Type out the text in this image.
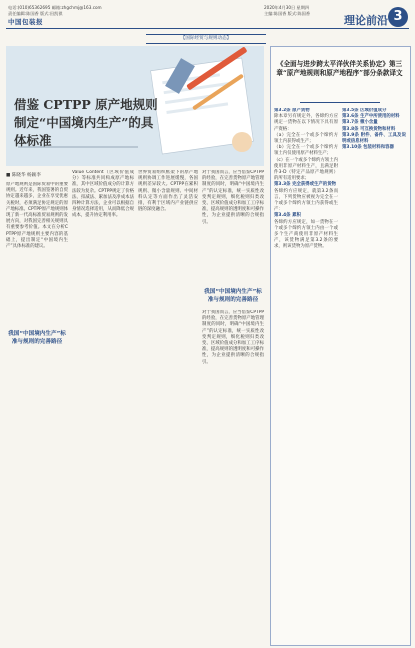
电话:(010)65362695 邮箱:zhgchmj@163.com
责任编辑:陈国香 版式:田凯祺
中国包装报
2020年4月30日 星期四
主编:陈国香 版式:陈国香
理论前沿 3
【国际经贸与规则动态】
借鉴 CPTPP 原产地规则
制定“中国境内生产”的具体标准
■ 陈晓华 杨颖李
原产地规则是国际贸易中的重要规则。近年来，我国签署的自贸协定越来越多，企业在享受优惠关税时，必须满足协定规定的原产地标准。CPTPP原产地规则体现了新一代高标准贸易规则的发展方向，对我国完善相关规则具有重要参考价值。本文在分析CPTPP原产地规则主要内容的基础上，提出制定“中国境内生产”具体标准的建议。
Value Content（区域价值成分）等标准共同构成原产地标准，其中区域价值成分的计算方法较为复杂。CPTPP规定了价格法、扣减法、累加法及净成本法四种计算方法，企业可以根据自身情况选择适用，从而降低合规成本，提升协定利用率。
世界贸易组织框架下的原产地规则协调工作进展缓慢，各国规则差异较大。CPTPP在累积规则、微小含量规则、中间材料认定等方面作出了灵活安排，有利于区域内产业链供应链的深度融合。
我国“中国境内生产”标准与规则的完善路径
对于我国而言，应当借鉴CPTPP的经验，在完善货物原产地管理制度的同时，明确“中国境内生产”的认定标准，统一实质性改变判定规则，细化税则归类改变、区域价值成分和加工工序标准，提高规则的透明度和可操作性，为企业提供清晰的合规指引。
对于我国而言，应当借鉴CPTPP的经验，在完善货物原产地管理制度的同时，明确“中国境内生产”的认定标准，统一实质性改变判定规则，细化税则归类改变、区域价值成分和加工工序标准，提高规则的透明度和可操作性，为企业提供清晰的合规指引。
我国“中国境内生产”标准与规则的完善路径
《全面与进步跨太平洋伙伴关系协定》第三章“原产地规则和原产地程序”部分条款译文
第3.2条 原产货物
除本章另有规定外，各缔约方应规定一货物在以下情况下具有原产资格：
（a）完全在一个或多个缔约方领土内获得或生产；
（b）完全在一个或多个缔约方领土内仅使用原产材料生产；
（c）在一个或多个缔约方领土内使用非原产材料生产，且满足附件3-D（特定产品原产地规则）的所有适用要求；
第3.3条 完全获得或生产的货物
各缔约方应规定，就第3.2条而言，下列货物应被视为完全在一个或多个缔约方领土内获得或生产：
第3.4条 累积
各缔约方应规定，如一货物在一个或多个缔约方领土内由一个或多个生产商使用非原产材料生产，该货物满足第3.2条的要求，则该货物为原产货物。
第3.5条 区域价值成分
第3.6条 生产中所使用的材料
第3.7条 微小含量
第3.8条 可互换货物和材料
第3.9条 附件、备件、工具及说明或信息材料
第3.10条 包装材料和容器
